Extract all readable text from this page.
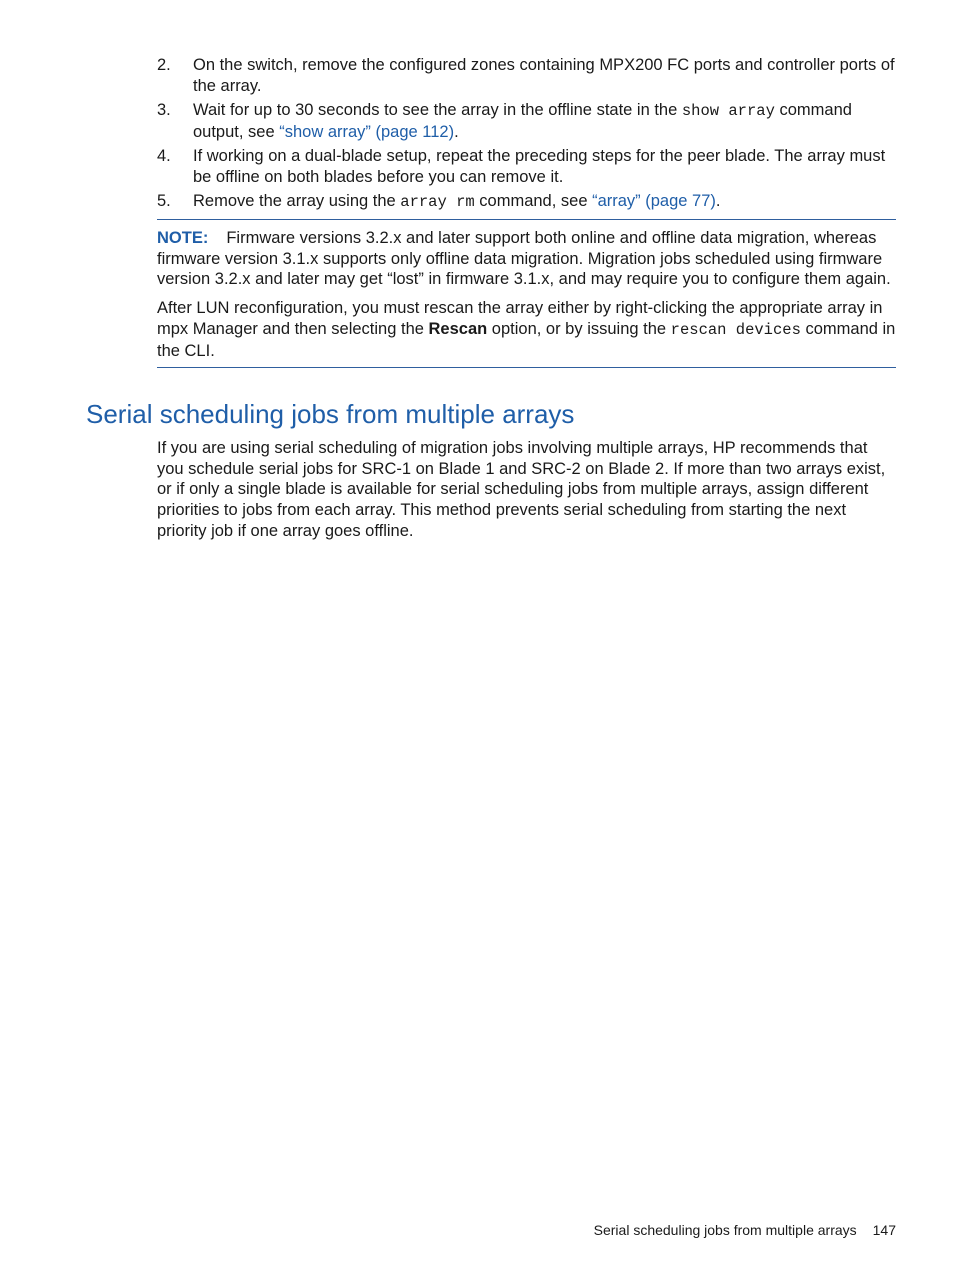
2. On the switch, remove the configured zones containing MPX200 FC ports and controller ports of the array.
3. Wait for up to 30 seconds to see the array in the offline state in the show array command output, see “show array” (page 112).
4. If working on a dual-blade setup, repeat the preceding steps for the peer blade. The array must be offline on both blades before you can remove it.
5. Remove the array using the array rm command, see “array” (page 77).

NOTE: Firmware versions 3.2.x and later support both online and offline data migration, whereas firmware version 3.1.x supports only offline data migration. Migration jobs scheduled using firmware version 3.2.x and later may get “lost” in firmware 3.1.x, and may require you to configure them again.

After LUN reconfiguration, you must rescan the array either by right-clicking the appropriate array in mpx Manager and then selecting the Rescan option, or by issuing the rescan devices command in the CLI.

Serial scheduling jobs from multiple arrays

If you are using serial scheduling of migration jobs involving multiple arrays, HP recommends that you schedule serial jobs for SRC-1 on Blade 1 and SRC-2 on Blade 2. If more than two arrays exist, or if only a single blade is available for serial scheduling jobs from multiple arrays, assign different priorities to jobs from each array. This method prevents serial scheduling from starting the next priority job if one array goes offline.

Serial scheduling jobs from multiple arrays 147
